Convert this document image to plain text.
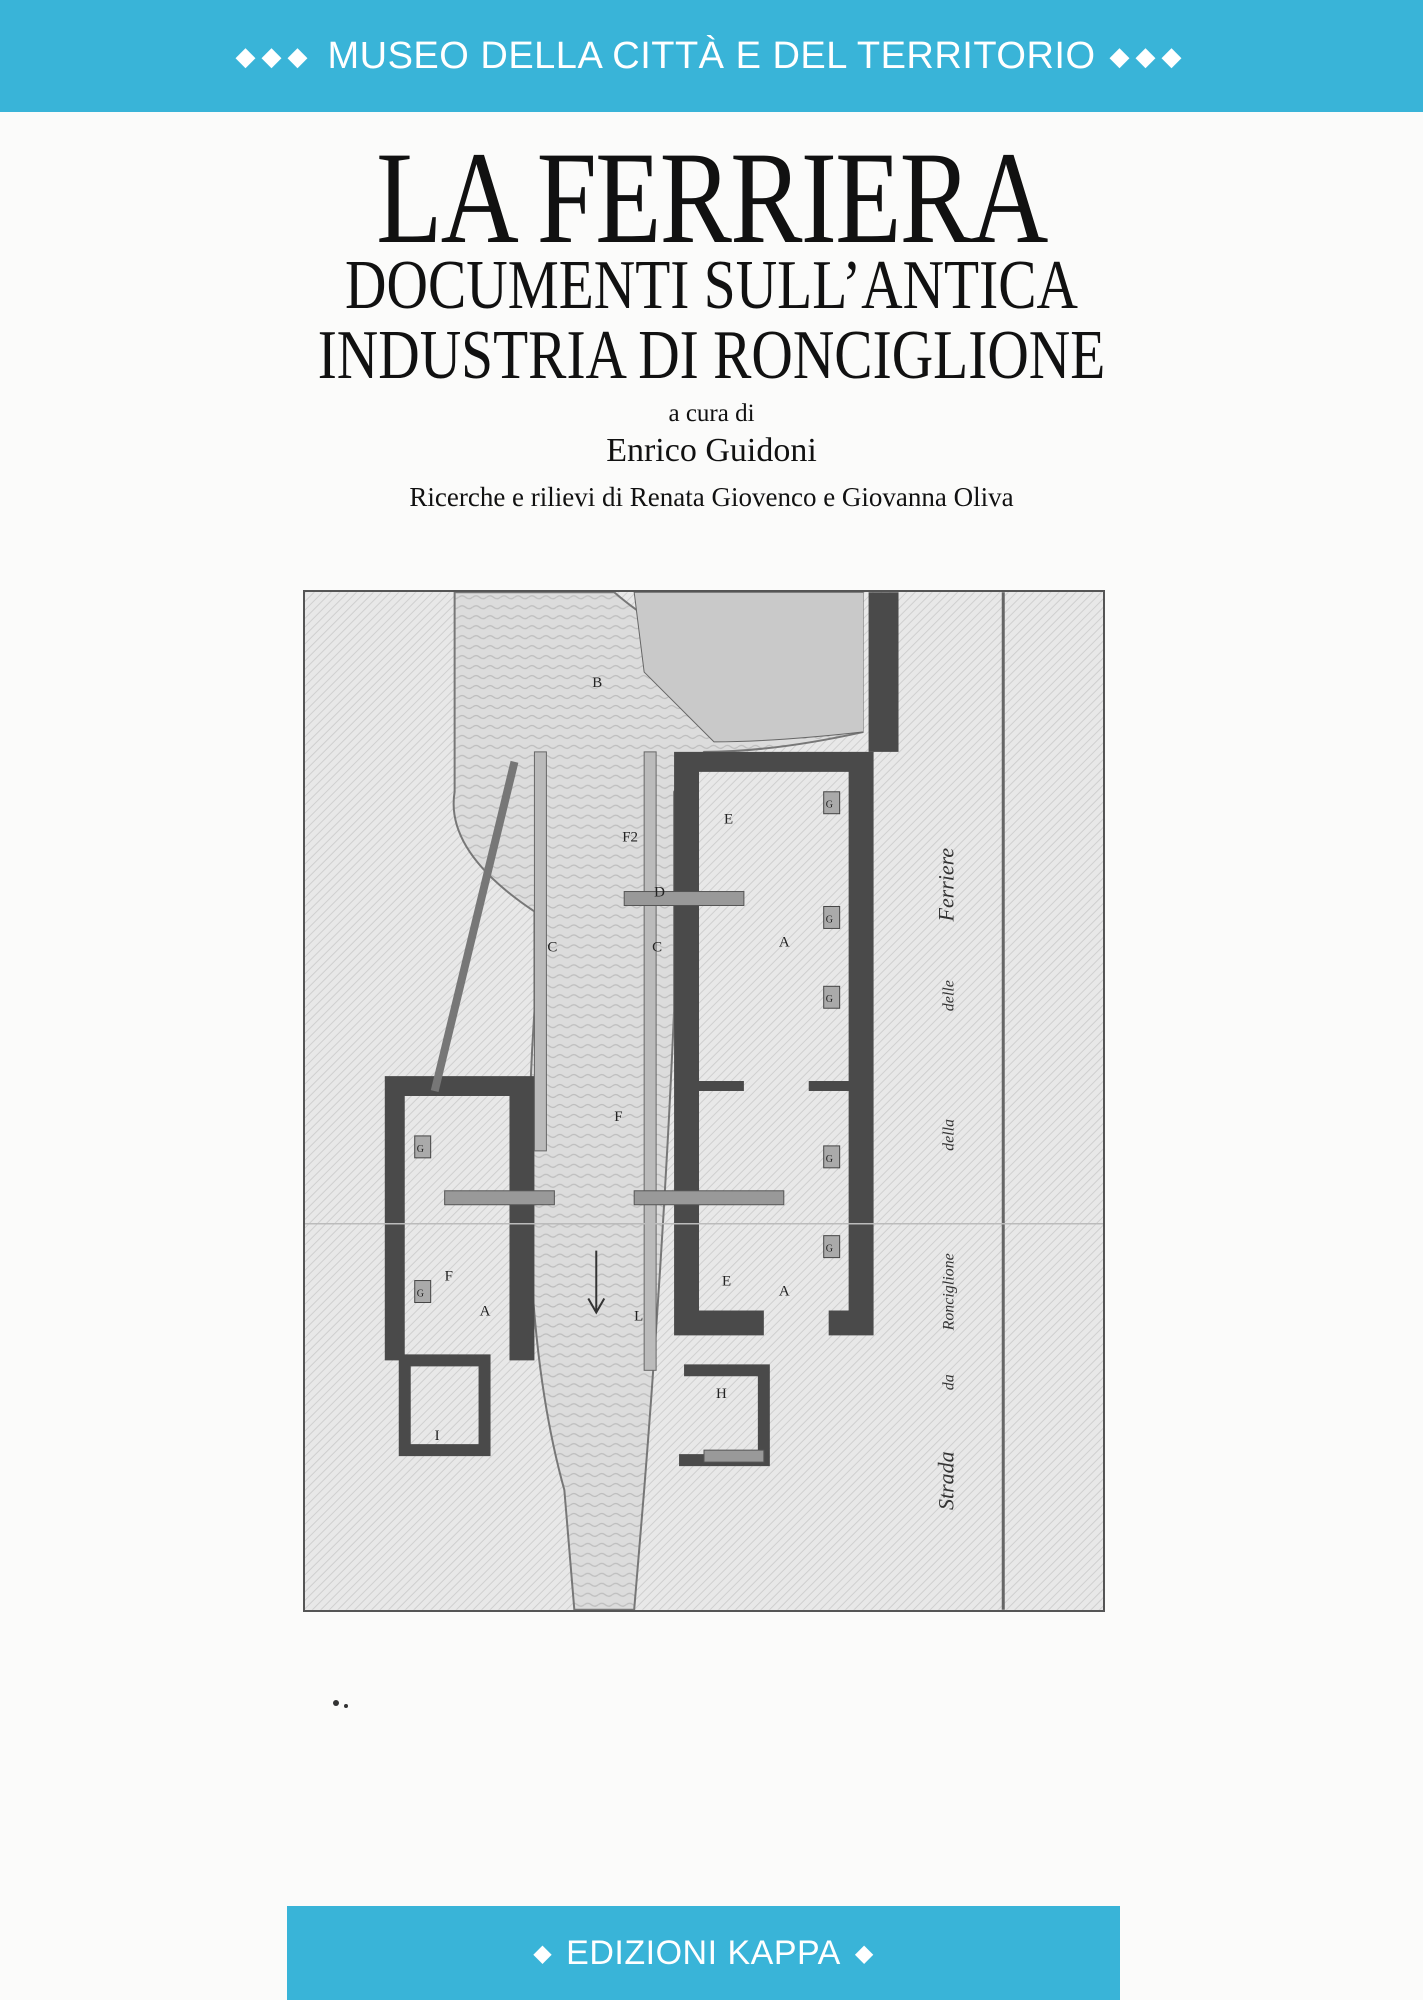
◆◆◆ MUSEO DELLA CITTÀ E DEL TERRITORIO ◆◆◆
LA FERRIERA
DOCUMENTI SULL’ANTICA
INDUSTRIA DI RONCIGLIONE
a cura di
Enrico Guidoni
Ricerche e rilievi di Renata Giovenco e Giovanna Oliva
B
C	C
E
E
F2
F
F
D
A
A
A
H
I
L
G
G
G
G
G
G
G
Strada
da
Ronciglione
della
delle
Ferriere
◆ EDIZIONI KAPPA ◆
